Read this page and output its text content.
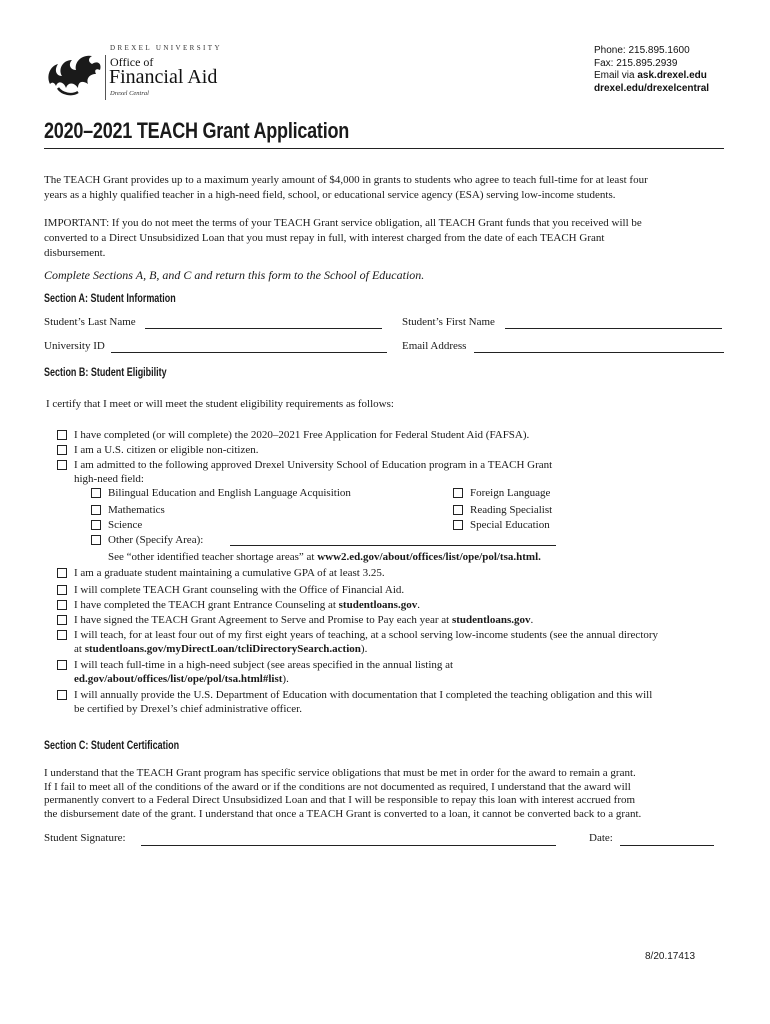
DREXEL UNIVERSITY
Office of
Financial Aid
Drexel Central
Phone: 215.895.1600
Fax: 215.895.2939
Email via ask.drexel.edu
drexel.edu/drexelcentral
2020–2021 TEACH Grant Application
The TEACH Grant provides up to a maximum yearly amount of $4,000 in grants to students who agree to teach full-time for at least four
years as a highly qualified teacher in a high-need field, school, or educational service agency (ESA) serving low-income students.
IMPORTANT: If you do not meet the terms of your TEACH Grant service obligation, all TEACH Grant funds that you received will be
converted to a Direct Unsubsidized Loan that you must repay in full, with interest charged from the date of each TEACH Grant
disbursement.
Complete Sections A, B, and C and return this form to the School of Education.
Section A: Student Information
Student’s Last Name	Student’s First Name
University ID	Email Address
Section B: Student Eligibility
I certify that I meet or will meet the student eligibility requirements as follows:
I have completed (or will complete) the 2020–2021 Free Application for Federal Student Aid (FAFSA).
I am a U.S. citizen or eligible non-citizen.
I am admitted to the following approved Drexel University School of Education program in a TEACH Grant
high-need field:
Bilingual Education and English Language Acquisition	Foreign Language
Mathematics	Reading Specialist
Science	Special Education
Other (Specify Area):
See “other identified teacher shortage areas” at www2.ed.gov/about/offices/list/ope/pol/tsa.html.
I am a graduate student maintaining a cumulative GPA of at least 3.25.
I will complete TEACH Grant counseling with the Office of Financial Aid.
I have completed the TEACH grant Entrance Counseling at studentloans.gov.
I have signed the TEACH Grant Agreement to Serve and Promise to Pay each year at studentloans.gov.
I will teach, for at least four out of my first eight years of teaching, at a school serving low-income students (see the annual directory
at studentloans.gov/myDirectLoan/tcliDirectorySearch.action).
I will teach full-time in a high-need subject (see areas specified in the annual listing at
ed.gov/about/offices/list/ope/pol/tsa.html#list).
I will annually provide the U.S. Department of Education with documentation that I completed the teaching obligation and this will
be certified by Drexel’s chief administrative officer.
Section C: Student Certification
I understand that the TEACH Grant program has specific service obligations that must be met in order for the award to remain a grant.
If I fail to meet all of the conditions of the award or if the conditions are not documented as required, I understand that the award will
permanently convert to a Federal Direct Unsubsidized Loan and that I will be responsible to repay this loan with interest accrued from
the disbursement date of the grant. I understand that once a TEACH Grant is converted to a loan, it cannot be converted back to a grant.
Student Signature:	Date:
8/20.17413
